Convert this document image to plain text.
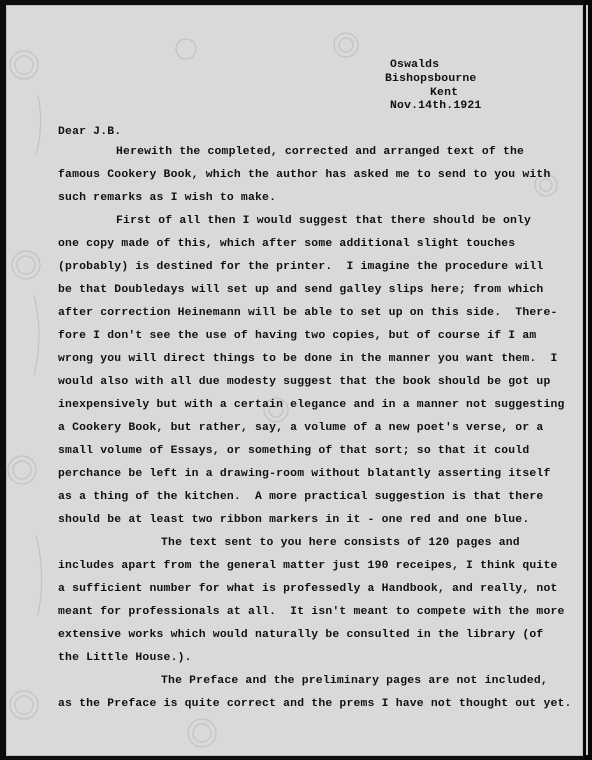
Oswalds
Bishopsbourne
Kent
Nov.14th.1921
Dear J.B.
Herewith the completed, corrected and arranged text of the
famous Cookery Book, which the author has asked me to send to you with
such remarks as I wish to make.
First of all then I would suggest that there should be only
one copy made of this, which after some additional slight touches
(probably) is destined for the printer.  I imagine the procedure will
be that Doubledays will set up and send galley slips here; from which
after correction Heinemann will be able to set up on this side.  There-
fore I don't see the use of having two copies, but of course if I am
wrong you will direct things to be done in the manner you want them.  I
would also with all due modesty suggest that the book should be got up
inexpensively but with a certain elegance and in a manner not suggesting
a Cookery Book, but rather, say, a volume of a new poet's verse, or a
small volume of Essays, or something of that sort; so that it could
perchance be left in a drawing-room without blatantly asserting itself
as a thing of the kitchen.  A more practical suggestion is that there
should be at least two ribbon markers in it - one red and one blue.
The text sent to you here consists of 120 pages and
includes apart from the general matter just 190 receipes, I think quite
a sufficient number for what is professedly a Handbook, and really, not
meant for professionals at all.  It isn't meant to compete with the more
extensive works which would naturally be consulted in the library (of
the Little House.).
The Preface and the preliminary pages are not included,
as the Preface is quite correct and the prems I have not thought out yet.
